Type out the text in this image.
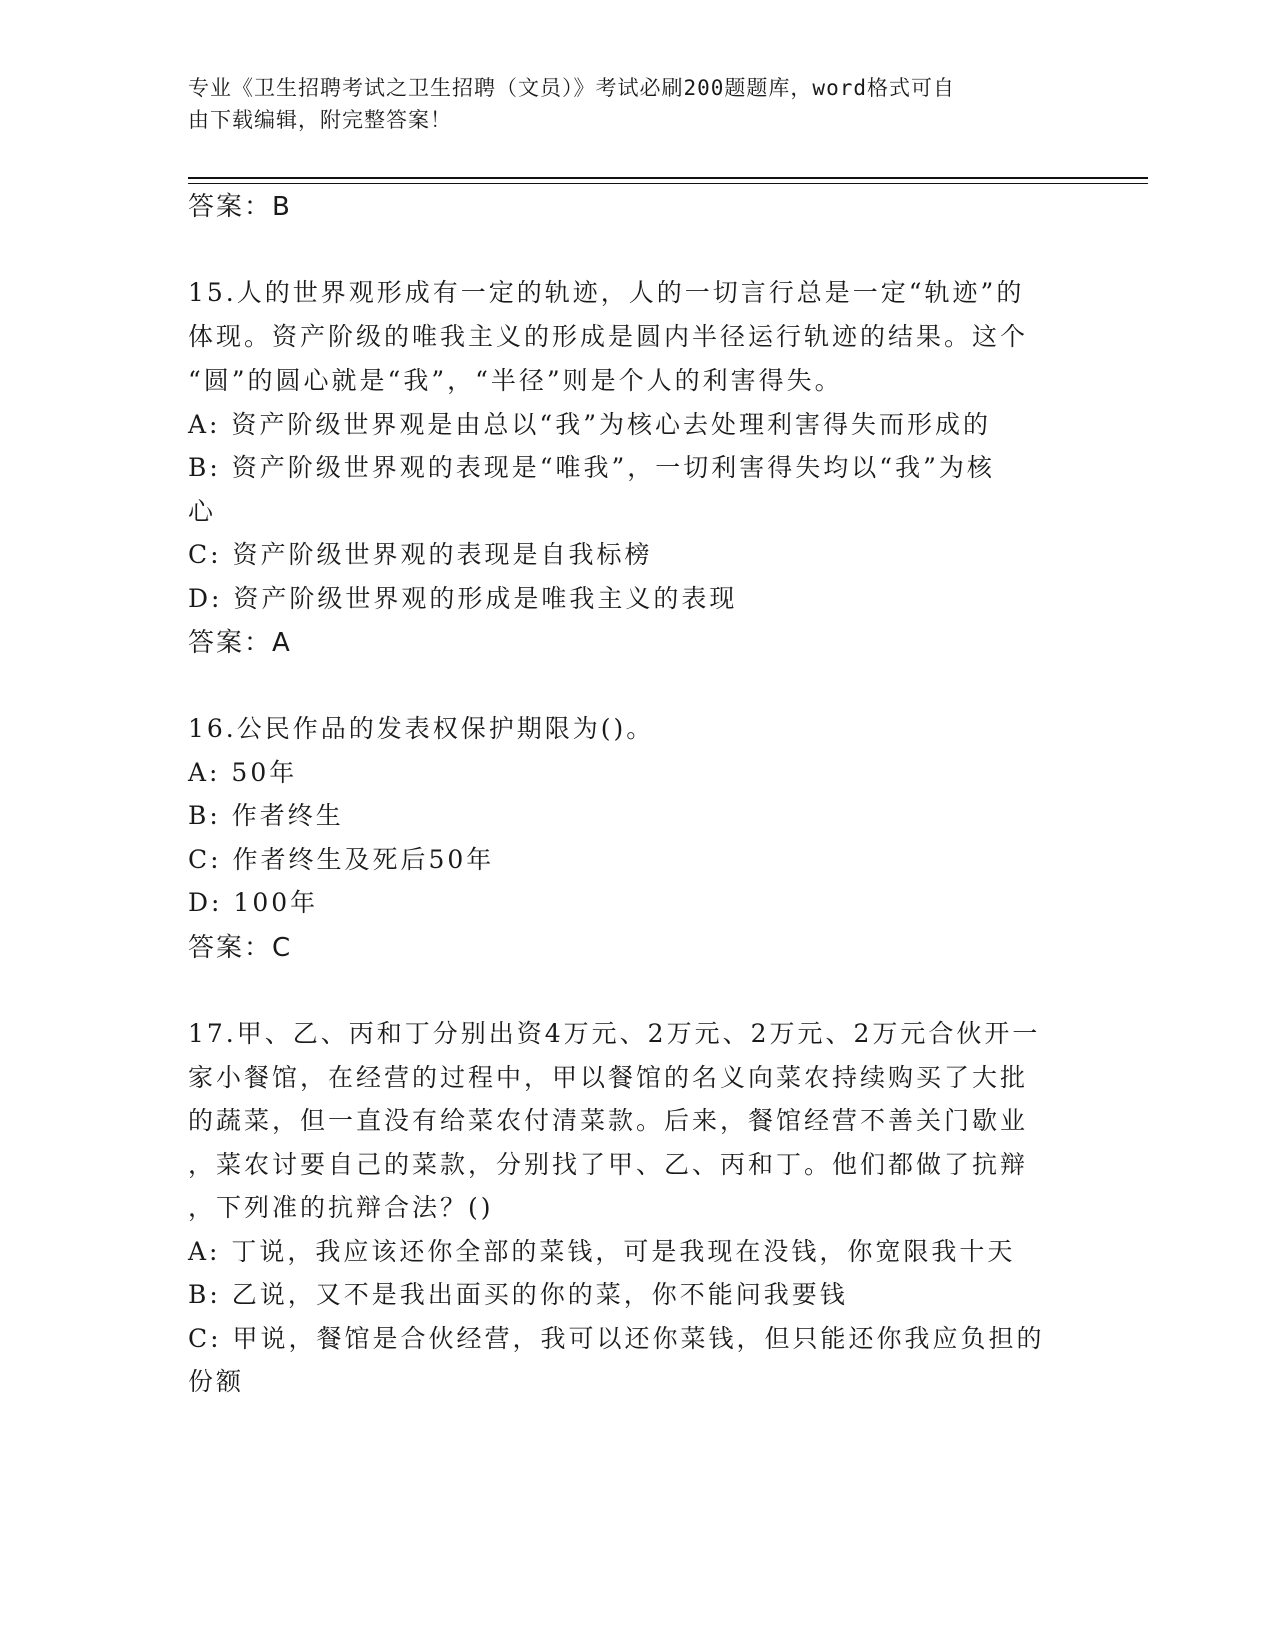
专业《卫生招聘考试之卫生招聘（文员）》考试必刷200题题库，word格式可自
由下载编辑，附完整答案！
答案：B
15.人的世界观形成有一定的轨迹，人的一切言行总是一定“轨迹”的
体现。资产阶级的唯我主义的形成是圆内半径运行轨迹的结果。这个
“圆”的圆心就是“我”，“半径”则是个人的利害得失。
A: 资产阶级世界观是由总以“我”为核心去处理利害得失而形成的
B: 资产阶级世界观的表现是“唯我”，一切利害得失均以“我”为核
心
C: 资产阶级世界观的表现是自我标榜
D: 资产阶级世界观的形成是唯我主义的表现
答案：A
16.公民作品的发表权保护期限为()。
A: 50年
B: 作者终生
C: 作者终生及死后50年
D: 100年
答案：C
17.甲、乙、丙和丁分别出资4万元、2万元、2万元、2万元合伙开一
家小餐馆，在经营的过程中，甲以餐馆的名义向菜农持续购买了大批
的蔬菜，但一直没有给菜农付清菜款。后来，餐馆经营不善关门歇业
，菜农讨要自己的菜款，分别找了甲、乙、丙和丁。他们都做了抗辩
，下列准的抗辩合法？()
A: 丁说，我应该还你全部的菜钱，可是我现在没钱，你宽限我十天
B: 乙说，又不是我出面买的你的菜，你不能问我要钱
C: 甲说，餐馆是合伙经营，我可以还你菜钱，但只能还你我应负担的
份额
